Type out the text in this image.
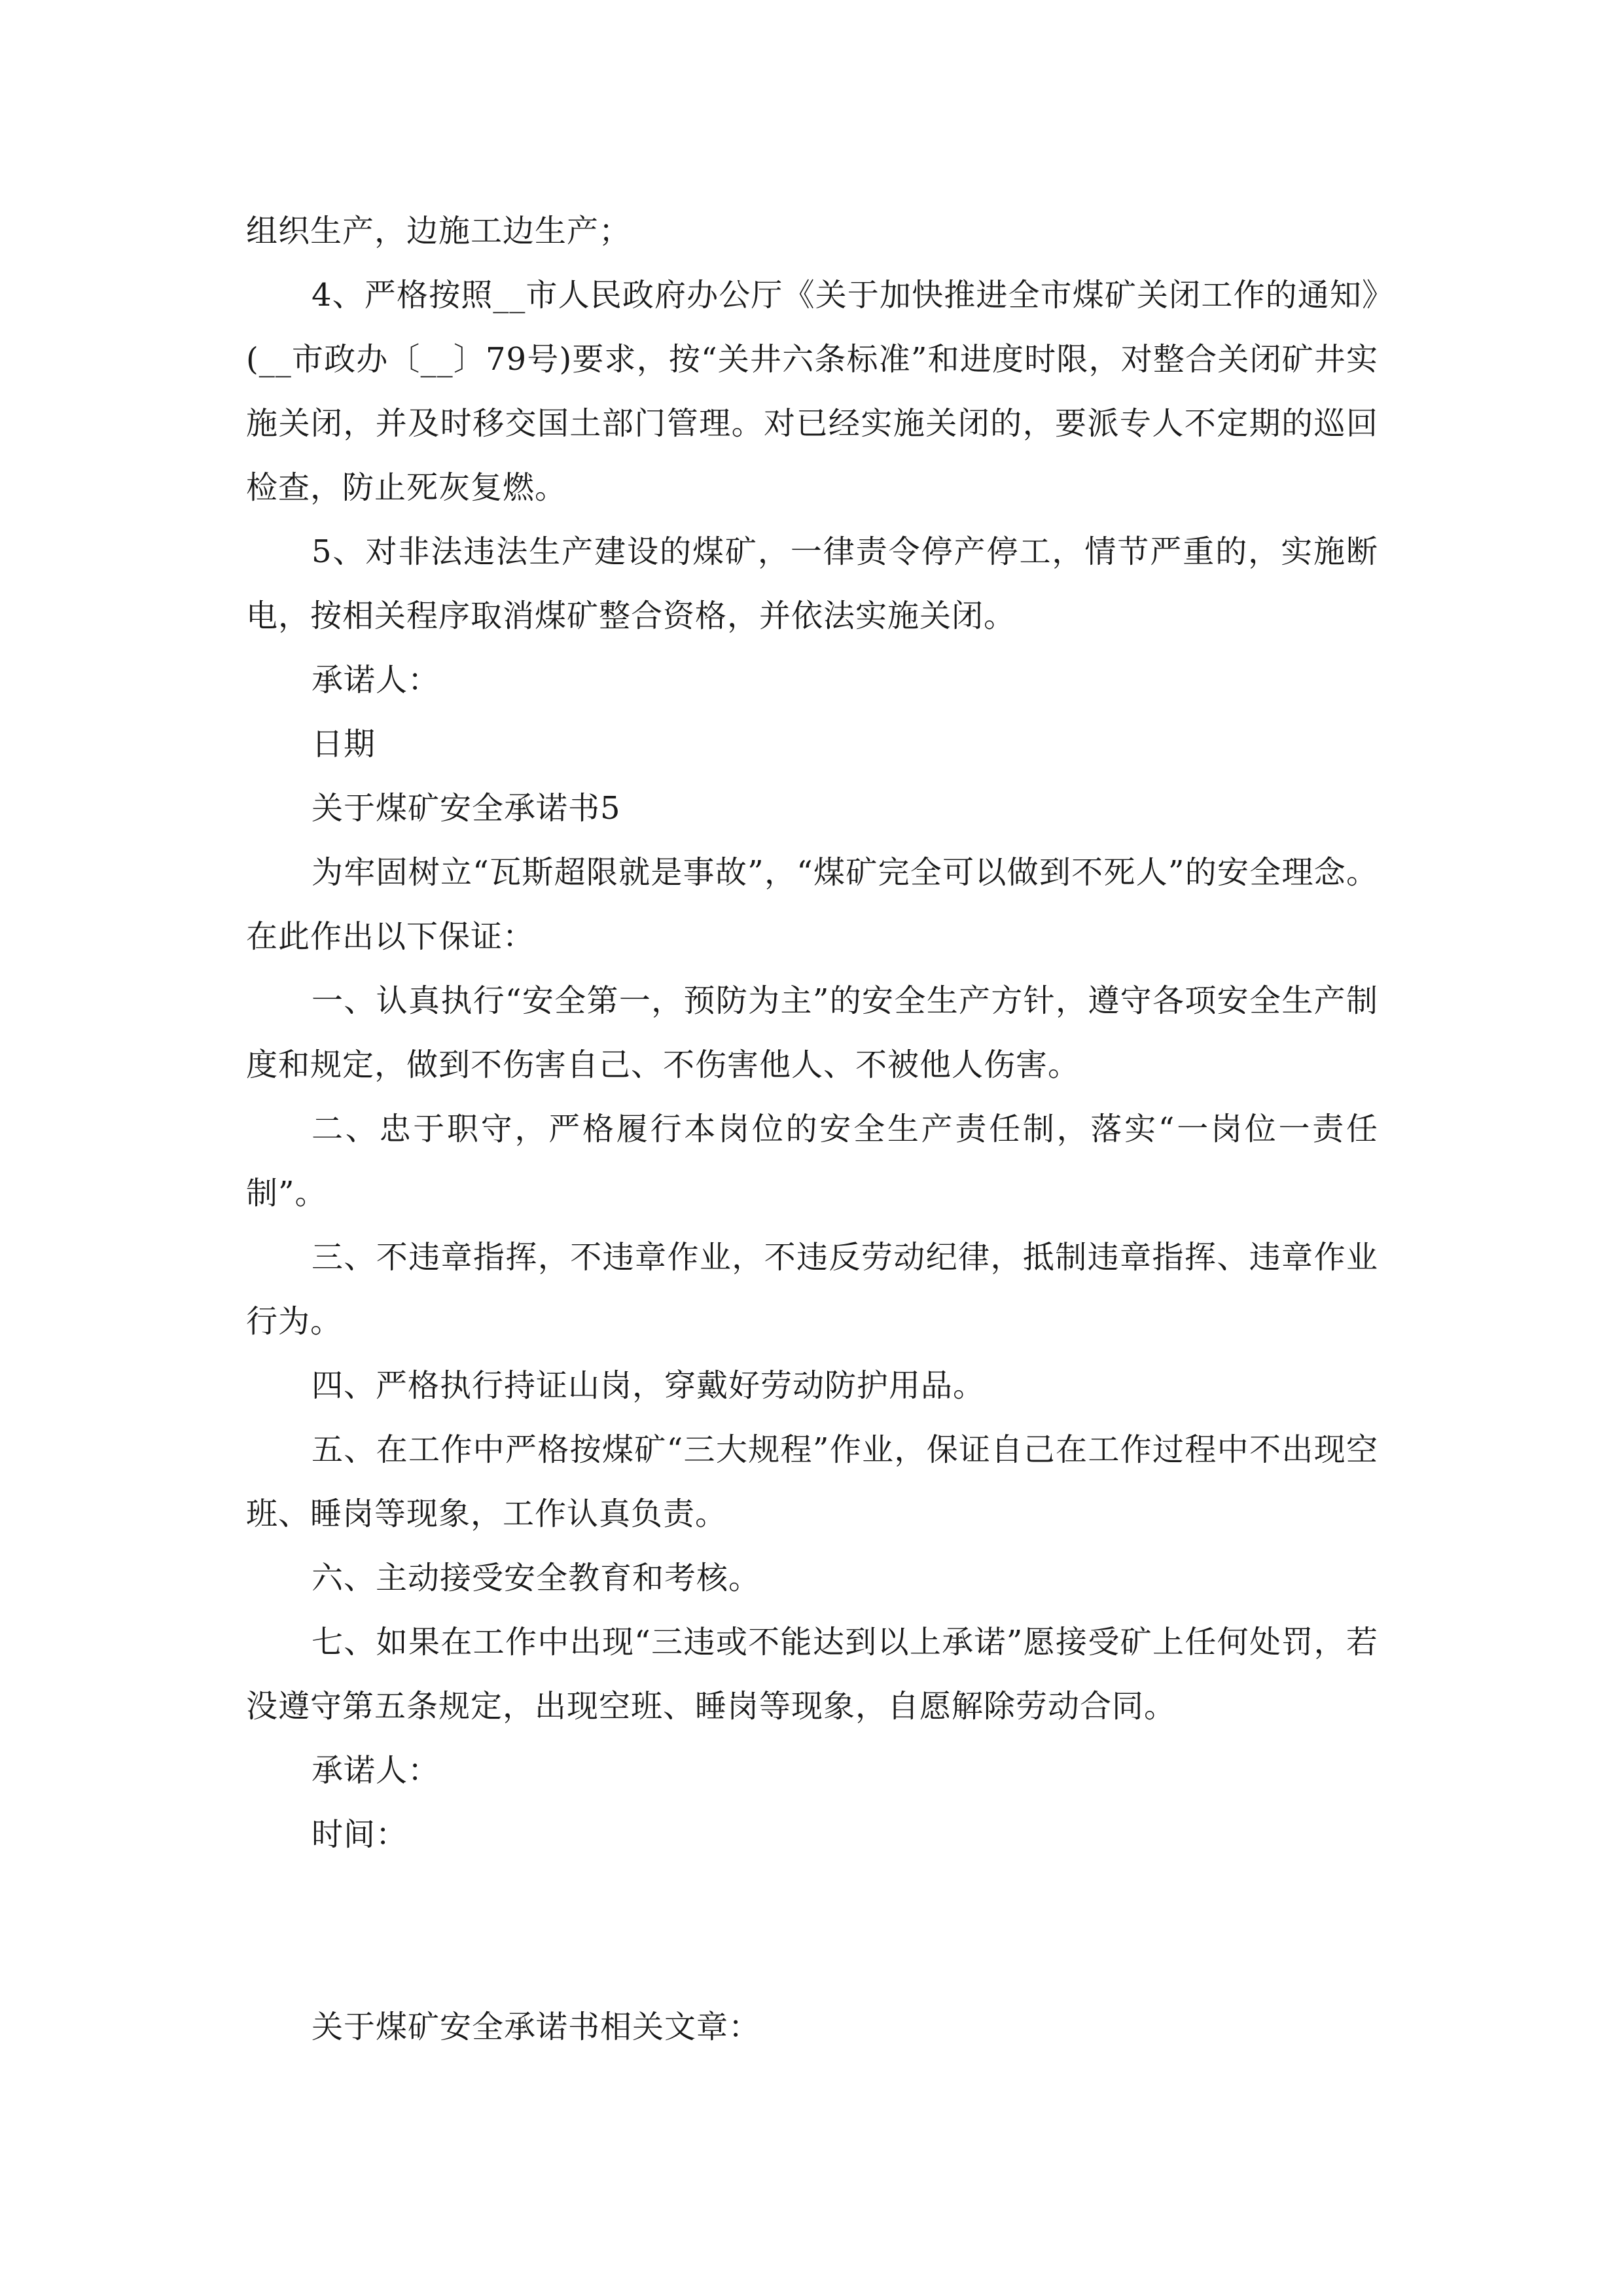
组织生产，边施工边生产；

4、严格按照__市人民政府办公厅《关于加快推进全市煤矿关闭工作的通知》(__市政办〔__〕79号)要求，按“关井六条标准”和进度时限，对整合关闭矿井实施关闭，并及时移交国土部门管理。对已经实施关闭的，要派专人不定期的巡回检查，防止死灰复燃。

5、对非法违法生产建设的煤矿，一律责令停产停工，情节严重的，实施断电，按相关程序取消煤矿整合资格，并依法实施关闭。

承诺人：

日期

关于煤矿安全承诺书5

为牢固树立“瓦斯超限就是事故”，“煤矿完全可以做到不死人”的安全理念。在此作出以下保证：

一、认真执行“安全第一，预防为主”的安全生产方针，遵守各项安全生产制度和规定，做到不伤害自己、不伤害他人、不被他人伤害。

二、忠于职守，严格履行本岗位的安全生产责任制，落实“一岗位一责任制”。

三、不违章指挥，不违章作业，不违反劳动纪律，抵制违章指挥、违章作业行为。

四、严格执行持证山岗，穿戴好劳动防护用品。

五、在工作中严格按煤矿“三大规程”作业，保证自己在工作过程中不出现空班、睡岗等现象，工作认真负责。

六、主动接受安全教育和考核。

七、如果在工作中出现“三违或不能达到以上承诺”愿接受矿上任何处罚，若没遵守第五条规定，出现空班、睡岗等现象，自愿解除劳动合同。

承诺人：

时间：

关于煤矿安全承诺书相关文章：
